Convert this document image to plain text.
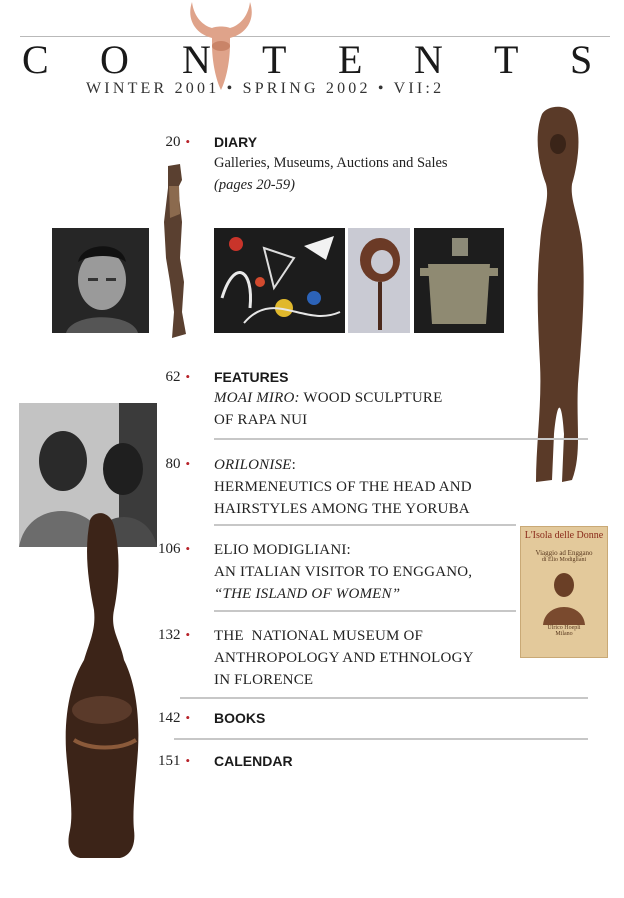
C O N T E N T S
WINTER 2001 • SPRING 2002 • VII:2
L'Isola delle Donne
Viaggio ad Enggano
di Elio Modigliani
Ulrico Hoepli
Milano
20 • DIARY
Galleries, Museums, Auctions and Sales
(pages 20-59)
62 • FEATURES
MOAI MIRO: WOOD SCULPTURE
OF RAPA NUI
80 • ORILONISE:
HERMENEUTICS OF THE HEAD AND
HAIRSTYLES AMONG THE YORUBA
106 • ELIO MODIGLIANI:
AN ITALIAN VISITOR TO ENGGANO,
“THE ISLAND OF WOMEN”
132 • THE  NATIONAL MUSEUM OF
ANTHROPOLOGY AND ETHNOLOGY
IN FLORENCE
142 • BOOKS
151 • CALENDAR
